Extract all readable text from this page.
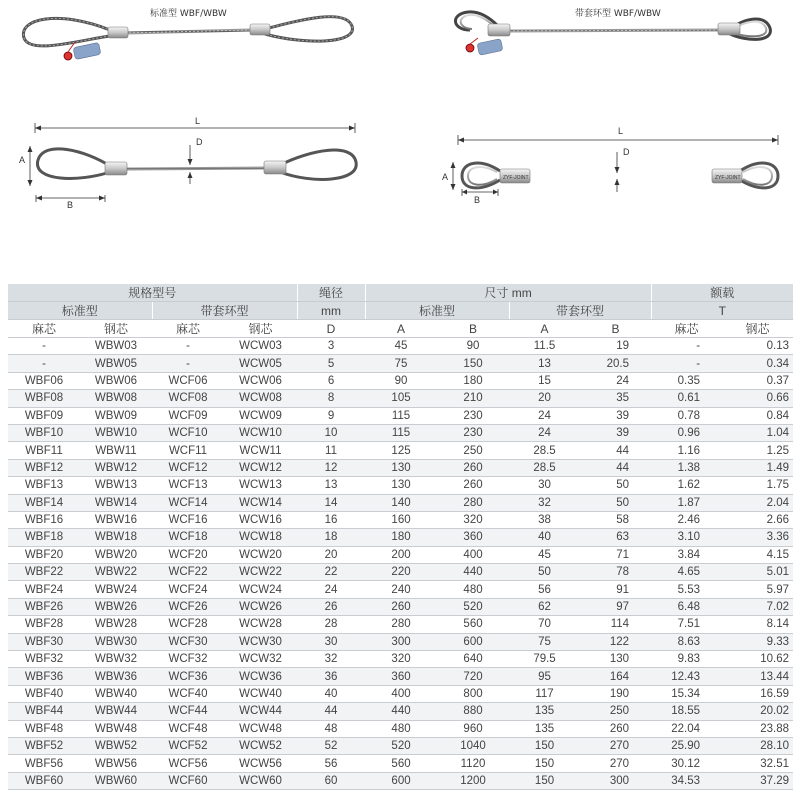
标准型 WBF/WBW	带套环型 WBF/WBW
L
A
B
D
ZYF-JOINT	ZYF-JOINT
L
A
B
D
规格型号				绳径	尺寸 mm				额载	
标准型		带套环型		mm	标准型		带套环型		T	
麻芯	钢芯	麻芯	钢芯	D	A	B	A	B	麻芯	钢芯
-	WBW03	-	WCW03	3	45	90	11.5	19	-	0.13
-	WBW05	-	WCW05	5	75	150	13	20.5	-	0.34
WBF06	WBW06	WCF06	WCW06	6	90	180	15	24	0.35	0.37
WBF08	WBW08	WCF08	WCW08	8	105	210	20	35	0.61	0.66
WBF09	WBW09	WCF09	WCW09	9	115	230	24	39	0.78	0.84
WBF10	WBW10	WCF10	WCW10	10	115	230	24	39	0.96	1.04
WBF11	WBW11	WCF11	WCW11	11	125	250	28.5	44	1.16	1.25
WBF12	WBW12	WCF12	WCW12	12	130	260	28.5	44	1.38	1.49
WBF13	WBW13	WCF13	WCW13	13	130	260	30	50	1.62	1.75
WBF14	WBW14	WCF14	WCW14	14	140	280	32	50	1.87	2.04
WBF16	WBW16	WCF16	WCW16	16	160	320	38	58	2.46	2.66
WBF18	WBW18	WCF18	WCW18	18	180	360	40	63	3.10	3.36
WBF20	WBW20	WCF20	WCW20	20	200	400	45	71	3.84	4.15
WBF22	WBW22	WCF22	WCW22	22	220	440	50	78	4.65	5.01
WBF24	WBW24	WCF24	WCW24	24	240	480	56	91	5.53	5.97
WBF26	WBW26	WCF26	WCW26	26	260	520	62	97	6.48	7.02
WBF28	WBW28	WCF28	WCW28	28	280	560	70	114	7.51	8.14
WBF30	WBW30	WCF30	WCW30	30	300	600	75	122	8.63	9.33
WBF32	WBW32	WCF32	WCW32	32	320	640	79.5	130	9.83	10.62
WBF36	WBW36	WCF36	WCW36	36	360	720	95	164	12.43	13.44
WBF40	WBW40	WCF40	WCW40	40	400	800	117	190	15.34	16.59
WBF44	WBW44	WCF44	WCW44	44	440	880	135	250	18.55	20.02
WBF48	WBW48	WCF48	WCW48	48	480	960	135	260	22.04	23.88
WBF52	WBW52	WCF52	WCW52	52	520	1040	150	270	25.90	28.10
WBF56	WBW56	WCF56	WCW56	56	560	1120	150	270	30.12	32.51
WBF60	WBW60	WCF60	WCW60	60	600	1200	150	300	34.53	37.29
